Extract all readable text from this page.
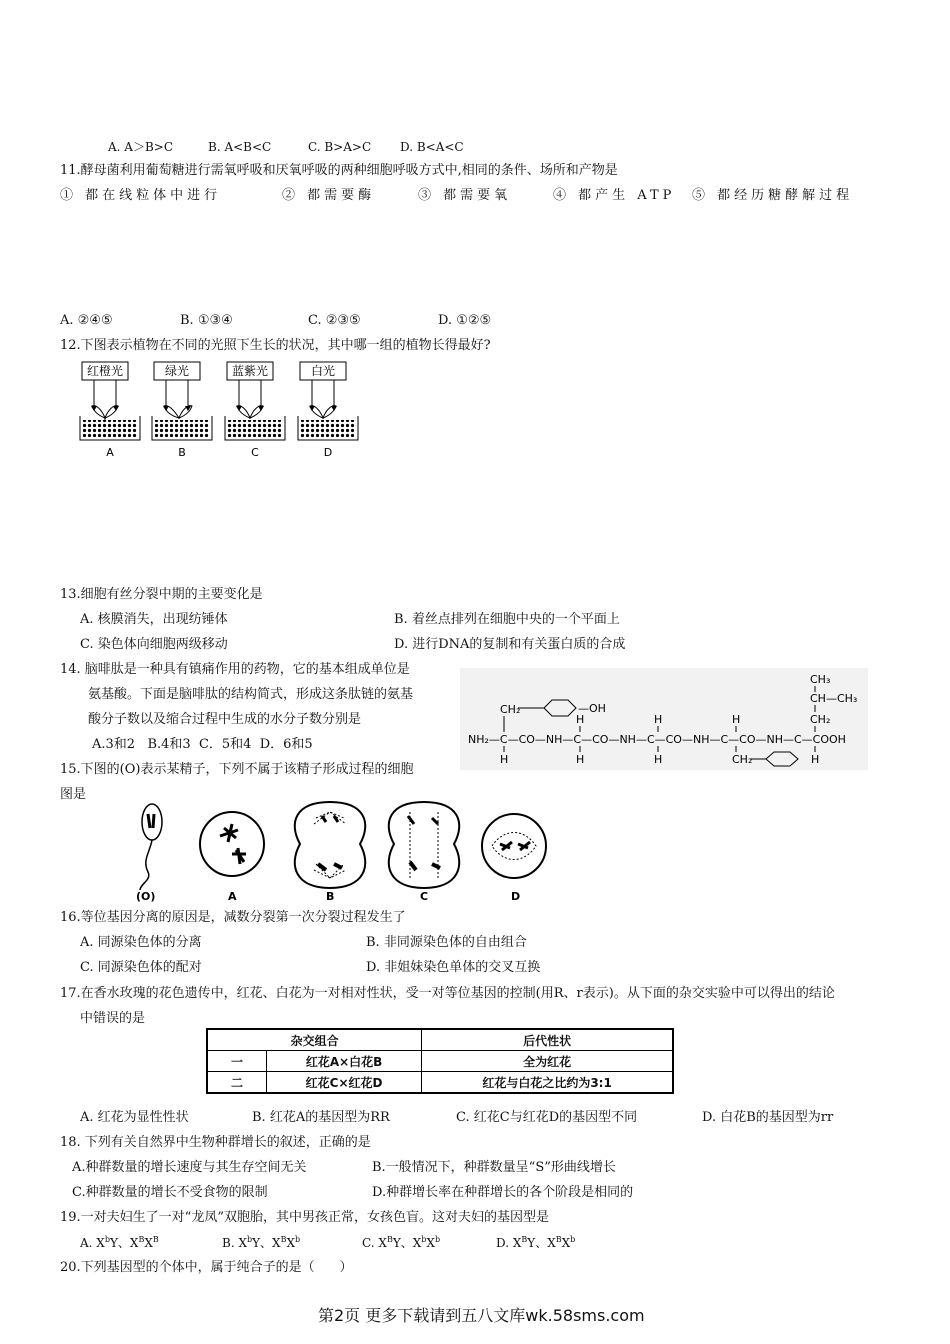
A. A＞B>C	B. A<B<C	C. B>A>C D. B<A<C
11.酵母菌利用葡萄糖进行需氧呼吸和厌氧呼吸的两种细胞呼吸方式中,相同的条件、场所和产物是
① 都在线粒体中进行	② 都需要酶	③ 都需要氧	④ 都产生 ATP ⑤ 都经历糖酵解过程
A. ②④⑤	B. ①③④	C. ②③⑤	D. ①②⑤
12.下图表示植物在不同的光照下生长的状况，其中哪一组的植物长得最好?
红橙光
A
绿光
B
蓝紫光
C
白光
D
13.细胞有丝分裂中期的主要变化是
A. 核膜消失，出现纺锤体	B. 着丝点排列在细胞中央的一个平面上
C. 染色体向细胞两级移动	D. 进行DNA的复制和有关蛋白质的合成
14. 脑啡肽是一种具有镇痛作用的药物，它的基本组成单位是
氨基酸。下面是脑啡肽的结构简式，形成这条肽链的氨基
酸分子数以及缩合过程中生成的水分子数分别是
A.3和2   B.4和3  C．5和4  D．6和5	NH₂—C—CO—NH—C—CO—NH—C—CO—NH—C—CO—NH—C—COOH
CH₂	—OH
H	H	H
CH₃
CH—CH₃
CH₂
H	H	H	CH₂	H
15.下图的(O)表示某精子，下列不属于该精子形成过程的细胞
图是
(O)	A	B	C	D
16.等位基因分离的原因是，减数分裂第一次分裂过程发生了
A. 同源染色体的分离	B. 非同源染色体的自由组合
C. 同源染色体的配对	D. 非姐妹染色单体的交叉互换
17.在香水玫瑰的花色遗传中，红花、白花为一对相对性状，受一对等位基因的控制(用R、r表示)。从下面的杂交实验中可以得出的结论
中错误的是
杂交组合		后代性状
一	红花A×白花B	全为红花
二	红花C×红花D	红花与白花之比约为3:1
A. 红花为显性性状	B. 红花A的基因型为RR	C. 红花C与红花D的基因型不同	D. 白花B的基因型为rr
18. 下列有关自然界中生物种群增长的叙述，正确的是
A.种群数量的增长速度与其生存空间无关	B.一般情况下，种群数量呈“S”形曲线增长
C.种群数量的增长不受食物的限制	D.种群增长率在种群增长的各个阶段是相同的
19.一对夫妇生了一对“龙凤”双胞胎，其中男孩正常，女孩色盲。这对夫妇的基因型是
A. $X^bY$、$X^BX^B$	B. $X^bY$、$X^BX^b$	C. $X^BY$、$X^bX^b$	D. $X^BY$、$X^BX^b$
20.下列基因型的个体中，属于纯合子的是（      ）
第2页 更多下载请到五八文库wk.58sms.com
